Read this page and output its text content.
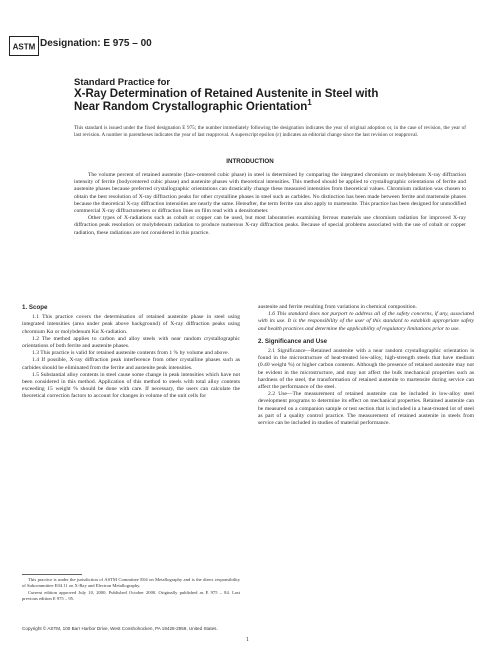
ASTM Designation: E 975 – 00
Standard Practice for
X-Ray Determination of Retained Austenite in Steel with
Near Random Crystallographic Orientation$^1$
This standard is issued under the fixed designation E 975; the number immediately following the designation indicates the year of original adoption or, in the case of revision, the year of last revision. A number in parentheses indicates the year of last reapproval. A superscript epsilon (ε) indicates an editorial change since the last revision or reapproval.
INTRODUCTION

The volume percent of retained austenite (face-centered cubic phase) in steel is determined by comparing the integrated chromium or molybdenum X-ray diffraction intensity of ferrite (bodycentered cubic phase) and austenite phases with theoretical intensities. This method should be applied to crystallographic orientations of ferrite and austenite phases because preferred crystallographic orientations can drastically change these measured intensities from theoretical values. Chromium radiation was chosen to obtain the best resolution of X-ray diffraction peaks for other crystalline phases in steel such as carbides. No distinction has been made between ferrite and martensite phases because the theoretical X-ray diffraction intensities are nearly the same. Hereafter, the term ferrite can also apply to martensite. This practice has been designed for unmodified commercial X-ray diffractometers or diffraction lines on film read with a densitometer.

Other types of X-radiations such as cobalt or copper can be used, but most laboratories examining ferrous materials use chromium radiation for improved X-ray diffraction peak resolution or molybdenum radiation to produce numerous X-ray diffraction peaks. Because of special problems associated with the use of cobalt or copper radiation, these radiations are not considered in this practice.

1. Scope

1.1 This practice covers the determination of retained austenite phase in steel using integrated intensities (area under peak above background) of X-ray diffraction peaks using chromium Kα or molybdenum Kα X-radiation.

1.2 The method applies to carbon and alloy steels with near random crystallographic orientations of both ferrite and austenite phases.

1.3 This practice is valid for retained austenite contents from 1 % by volume and above.

1.4 If possible, X-ray diffraction peak interference from other crystalline phases such as carbides should be eliminated from the ferrite and austenite peak intensities.

1.5 Substantial alloy contents in steel cause some change in peak intensities which have not been considered in this method. Application of this method to steels with total alloy contents exceeding 15 weight % should be done with care. If necessary, the users can calculate the theoretical correction factors to account for changes in volume of the unit cells for

austenite and ferrite resulting from variations in chemical composition.

1.6 This standard does not purport to address all of the safety concerns, if any, associated with its use. It is the responsibility of the user of this standard to establish appropriate safety and health practices and determine the applicability of regulatory limitations prior to use.

2. Significance and Use

2.1 Significance—Retained austenite with a near random crystallographic orientation is found in the microstructure of heat-treated low-alloy, high-strength steels that have medium (0.40 weight %) or higher carbon contents. Although the presence of retained austenite may not be evident in the microstructure, and may not affect the bulk mechanical properties such as hardness of the steel, the transformation of retained austenite to martensite during service can affect the performance of the steel.

2.2 Use—The measurement of retained austenite can be included in low-alloy steel development programs to determine its effect on mechanical properties. Retained austenite can be measured on a companion sample or test section that is included in a heat-treated lot of steel as part of a quality control practice. The measurement of retained austenite in steels from service can be included in studies of material performance.

This practice is under the jurisdiction of ASTM Committee E04 on Metallography and is the direct responsibility of Subcommittee E04.11 on X-Ray and Electron Metallography.

Current edition approved July 10, 2000. Published October 2000. Originally published as E 975 – 84. Last previous edition E 975 – 95.

Copyright © ASTM, 100 Barr Harbor Drive, West Conshohocken, PA 19428-2959, United States.
1
